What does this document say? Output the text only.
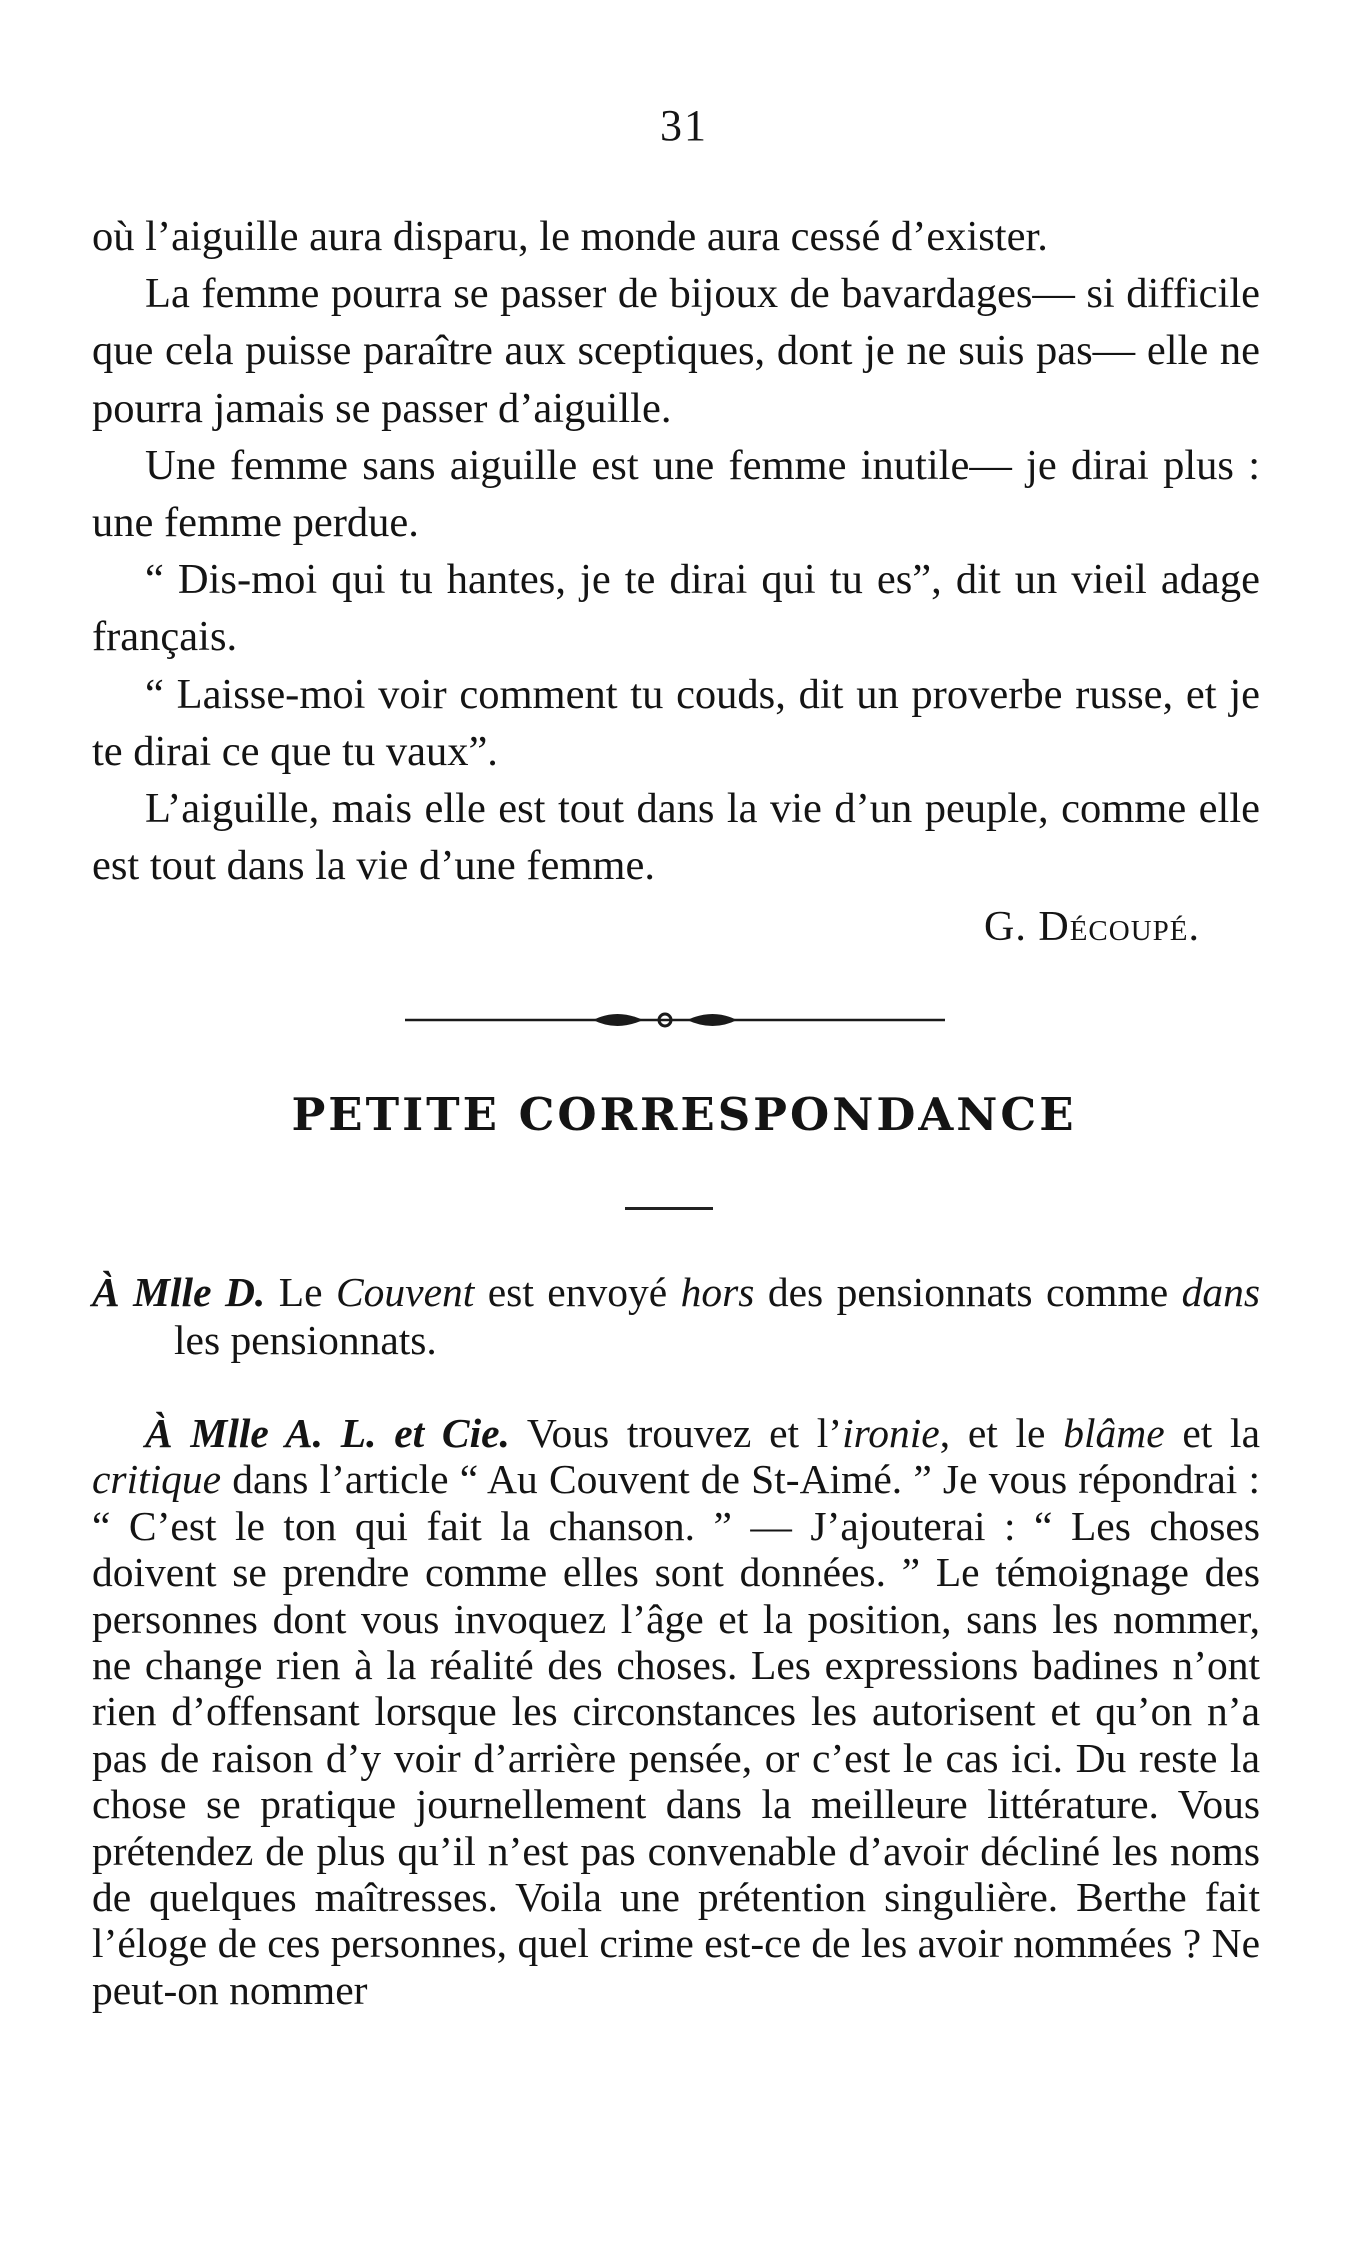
31

où l’aiguille aura disparu, le monde aura cessé d’exister.

La femme pourra se passer de bijoux de bavardages— si difficile que cela puisse paraître aux sceptiques, dont je ne suis pas— elle ne pourra jamais se passer d’aiguille.

Une femme sans aiguille est une femme inutile— je dirai plus : une femme perdue.

“ Dis-moi qui tu hantes, je te dirai qui tu es”, dit un vieil adage français.

“ Laisse-moi voir comment tu couds, dit un proverbe russe, et je te dirai ce que tu vaux”.

L’aiguille, mais elle est tout dans la vie d’un peuple, comme elle est tout dans la vie d’une femme.

G. Découpé.
PETITE CORRESPONDANCE

À Mlle D. Le Couvent est envoyé hors des pensionnats comme dans les pensionnats.

À Mlle A. L. et Cie. Vous trouvez et l’ironie, et le blâme et la critique dans l’article “ Au Couvent de St-Aimé. ” Je vous répondrai : “ C’est le ton qui fait la chanson. ” — J’ajouterai : “ Les choses doivent se prendre comme elles sont données. ” Le témoignage des personnes dont vous invoquez l’âge et la position, sans les nommer, ne change rien à la réalité des choses. Les expressions badines n’ont rien d’offensant lorsque les circonstances les autorisent et qu’on n’a pas de raison d’y voir d’arrière pensée, or c’est le cas ici. Du reste la chose se pratique journellement dans la meilleure littérature. Vous prétendez de plus qu’il n’est pas convenable d’avoir décliné les noms de quelques maîtresses. Voila une prétention singulière. Berthe fait l’éloge de ces personnes, quel crime est-ce de les avoir nommées ? Ne peut-on nommer
